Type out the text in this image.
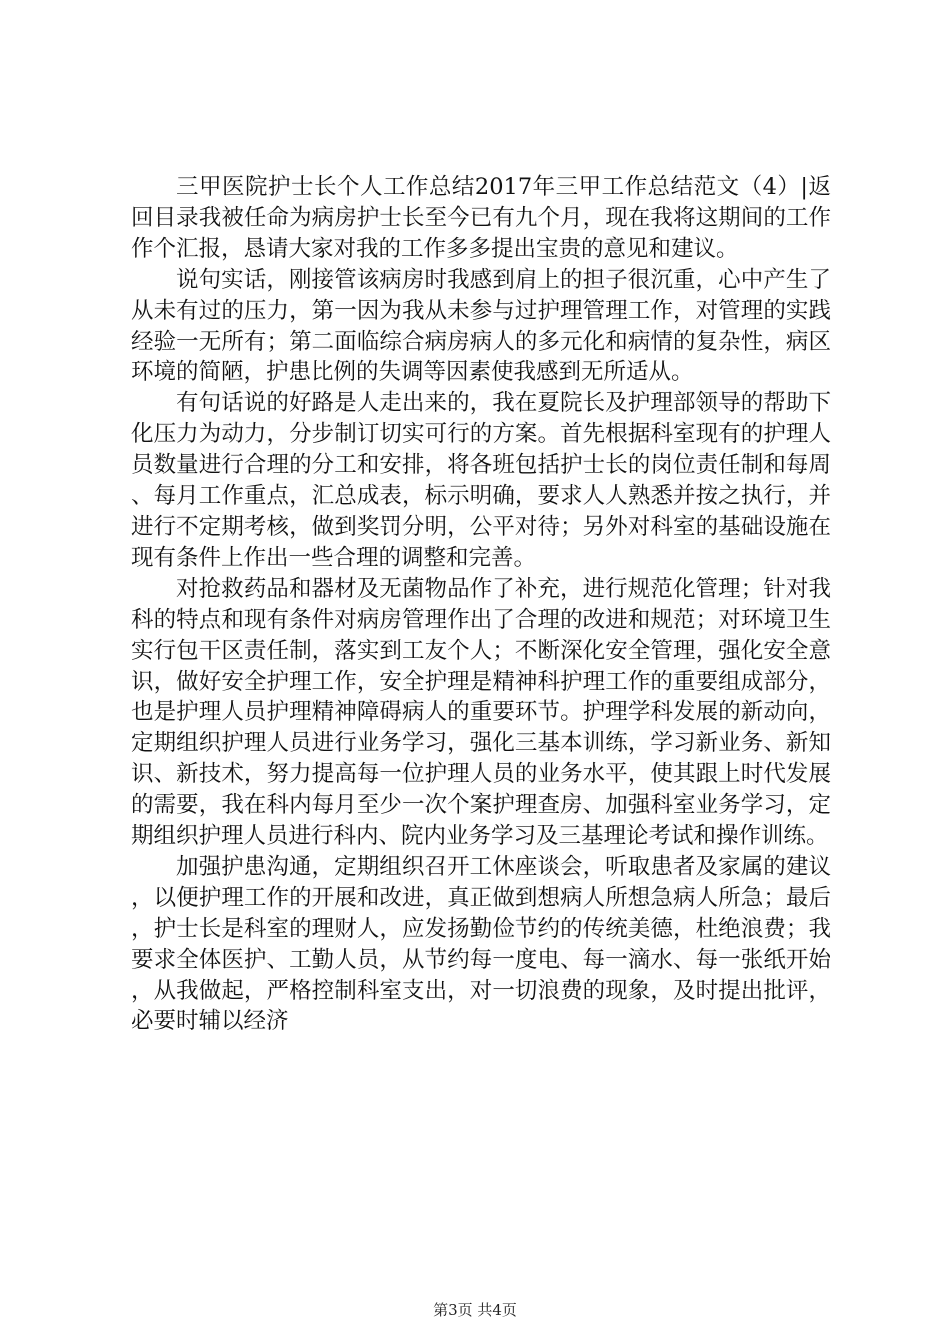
三甲医院护士长个人工作总结2017年三甲工作总结范文（4）|返回目录我被任命为病房护士长至今已有九个月，现在我将这期间的工作作个汇报，恳请大家对我的工作多多提出宝贵的意见和建议。

说句实话，刚接管该病房时我感到肩上的担子很沉重，心中产生了从未有过的压力，第一因为我从未参与过护理管理工作，对管理的实践经验一无所有；第二面临综合病房病人的多元化和病情的复杂性，病区环境的简陋，护患比例的失调等因素使我感到无所适从。

有句话说的好路是人走出来的，我在夏院长及护理部领导的帮助下化压力为动力，分步制订切实可行的方案。首先根据科室现有的护理人员数量进行合理的分工和安排，将各班包括护士长的岗位责任制和每周、每月工作重点，汇总成表，标示明确，要求人人熟悉并按之执行，并进行不定期考核，做到奖罚分明，公平对待；另外对科室的基础设施在现有条件上作出一些合理的调整和完善。

对抢救药品和器材及无菌物品作了补充，进行规范化管理；针对我科的特点和现有条件对病房管理作出了合理的改进和规范；对环境卫生实行包干区责任制，落实到工友个人；不断深化安全管理，强化安全意识，做好安全护理工作，安全护理是精神科护理工作的重要组成部分，也是护理人员护理精神障碍病人的重要环节。护理学科发展的新动向，定期组织护理人员进行业务学习，强化三基本训练，学习新业务、新知识、新技术，努力提高每一位护理人员的业务水平，使其跟上时代发展的需要，我在科内每月至少一次个案护理查房、加强科室业务学习，定期组织护理人员进行科内、院内业务学习及三基理论考试和操作训练。

加强护患沟通，定期组织召开工休座谈会，听取患者及家属的建议，以便护理工作的开展和改进，真正做到想病人所想急病人所急；最后，护士长是科室的理财人，应发扬勤俭节约的传统美德，杜绝浪费；我要求全体医护、工勤人员，从节约每一度电、每一滴水、每一张纸开始，从我做起，严格控制科室支出，对一切浪费的现象，及时提出批评，必要时辅以经济

第3页 共4页
